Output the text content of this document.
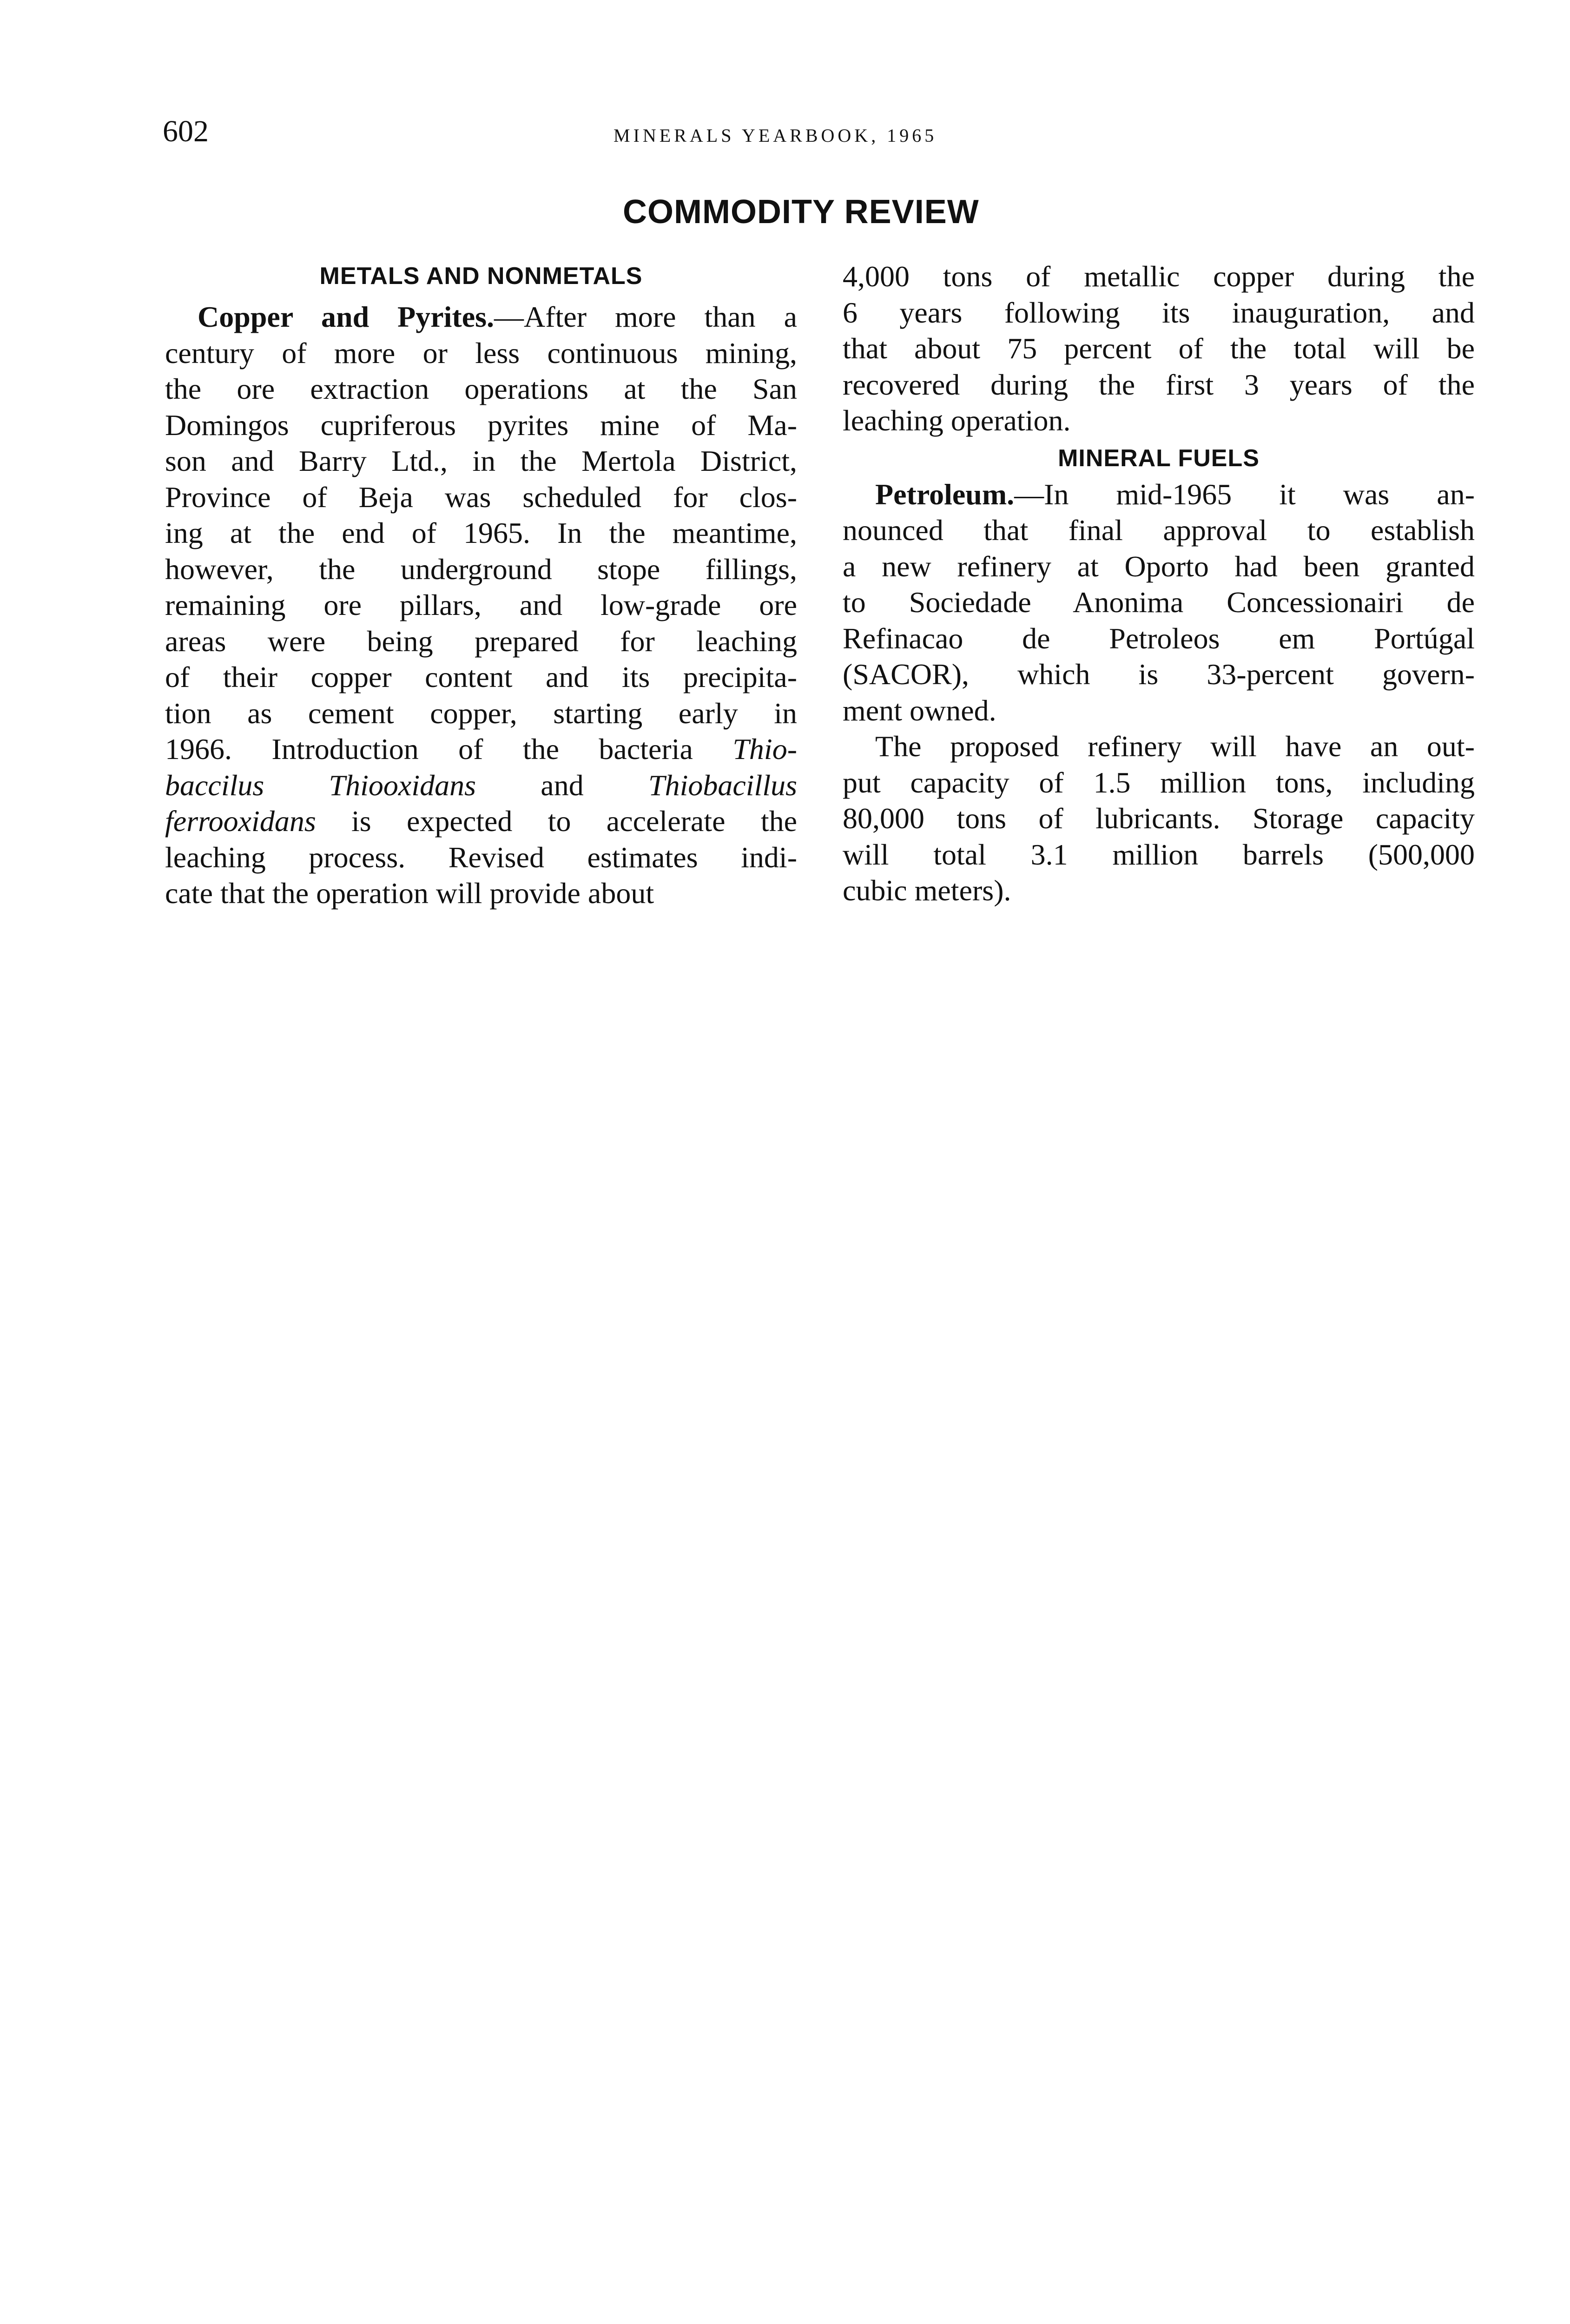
602	MINERALS YEARBOOK, 1965
COMMODITY REVIEW
METALS AND NONMETALS
Copper and Pyrites.—After more than a
century of more or less continuous mining,
the ore extraction operations at the San
Domingos cupriferous pyrites mine of Ma-
son and Barry Ltd., in the Mertola District,
Province of Beja was scheduled for clos-
ing at the end of 1965. In the meantime,
however, the underground stope fillings,
remaining ore pillars, and low-grade ore
areas were being prepared for leaching
of their copper content and its precipita-
tion as cement copper, starting early in
1966. Introduction of the bacteria Thio-
baccilus Thiooxidans and Thiobacillus
ferrooxidans is expected to accelerate the
leaching process. Revised estimates indi-
cate that the operation will provide about
4,000 tons of metallic copper during the
6 years following its inauguration, and
that about 75 percent of the total will be
recovered during the first 3 years of the
leaching operation.
MINERAL FUELS
Petroleum.—In mid-1965 it was an-
nounced that final approval to establish
a new refinery at Oporto had been granted
to Sociedade Anonima Concessionairi de
Refinacao de Petroleos em Portúgal
(SACOR), which is 33-percent govern-
ment owned.
The proposed refinery will have an out-
put capacity of 1.5 million tons, including
80,000 tons of lubricants. Storage capacity
will total 3.1 million barrels (500,000
cubic meters).
